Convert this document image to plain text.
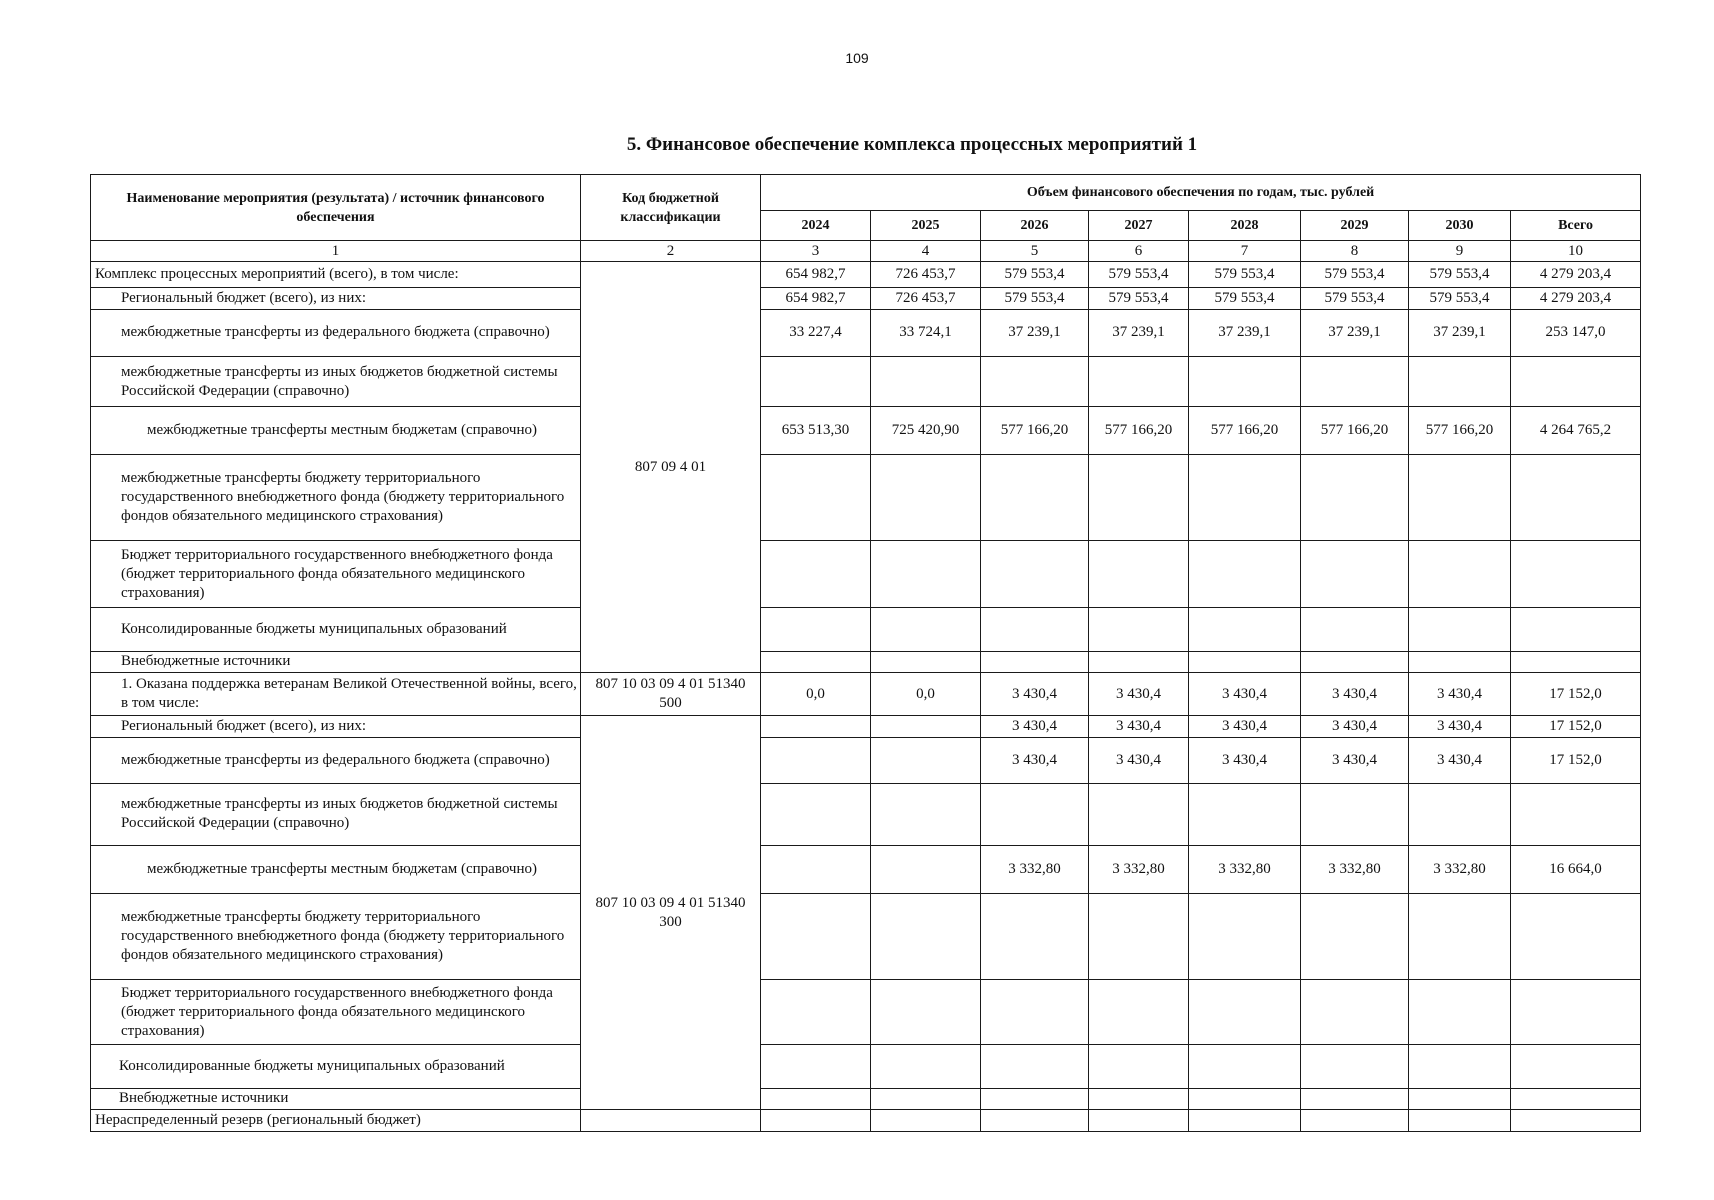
109
5. Финансовое обеспечение комплекса процессных мероприятий 1
Наименование мероприятия (результата) / источник финансового обеспечения	Код бюджетной классификации	Объем финансового обеспечения по годам, тыс. рублей							
		2024	2025	2026	2027	2028	2029	2030	Всего
1	2	3	4	5	6	7	8	9	10
Комплекс процессных мероприятий (всего), в том числе:	807 09 4 01	654 982,7	726 453,7	579 553,4	579 553,4	579 553,4	579 553,4	579 553,4	4 279 203,4
Региональный бюджет (всего), из них:		654 982,7	726 453,7	579 553,4	579 553,4	579 553,4	579 553,4	579 553,4	4 279 203,4
межбюджетные трансферты из федерального бюджета (справочно)		33 227,4	33 724,1	37 239,1	37 239,1	37 239,1	37 239,1	37 239,1	253 147,0
межбюджетные трансферты из иных бюджетов бюджетной системы Российской Федерации (справочно)									
межбюджетные трансферты местным бюджетам (справочно)		653 513,30	725 420,90	577 166,20	577 166,20	577 166,20	577 166,20	577 166,20	4 264 765,2
межбюджетные трансферты бюджету территориального государственного внебюджетного фонда (бюджету территориального фондов обязательного медицинского страхования)									
Бюджет территориального государственного внебюджетного фонда (бюджет территориального фонда обязательного медицинского страхования)									
Консолидированные бюджеты муниципальных образований									
Внебюджетные источники									
1. Оказана поддержка ветеранам Великой Отечественной войны, всего, в том числе:	807 10 03 09 4 01 51340 500	0,0	0,0	3 430,4	3 430,4	3 430,4	3 430,4	3 430,4	17 152,0
Региональный бюджет (всего), из них:	807 10 03 09 4 01 51340 300			3 430,4	3 430,4	3 430,4	3 430,4	3 430,4	17 152,0
межбюджетные трансферты из федерального бюджета (справочно)				3 430,4	3 430,4	3 430,4	3 430,4	3 430,4	17 152,0
межбюджетные трансферты из иных бюджетов бюджетной системы Российской Федерации (справочно)									
межбюджетные трансферты местным бюджетам (справочно)				3 332,80	3 332,80	3 332,80	3 332,80	3 332,80	16 664,0
межбюджетные трансферты бюджету территориального государственного внебюджетного фонда (бюджету территориального фондов обязательного медицинского страхования)									
Бюджет территориального государственного внебюджетного фонда (бюджет территориального фонда обязательного медицинского страхования)									
Консолидированные бюджеты муниципальных образований									
Внебюджетные источники									
Нераспределенный резерв (региональный бюджет)									
